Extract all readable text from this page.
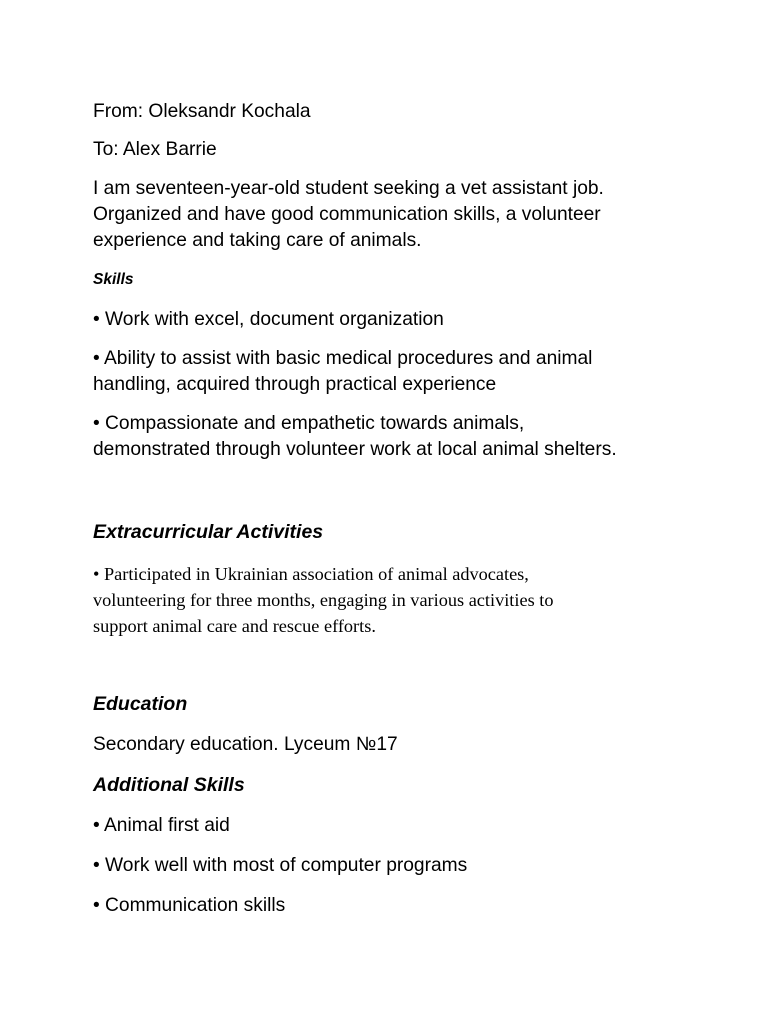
From: Oleksandr Kochala

To: Alex Barrie

I am seventeen-year-old student seeking a vet assistant job.
Organized and have good communication skills, a volunteer
experience and taking care of animals.

Skills

• Work with excel, document organization
• Ability to assist with basic medical procedures and animal
handling, acquired through practical experience
• Compassionate and empathetic towards animals,
demonstrated through volunteer work at local animal shelters.

Extracurricular Activities

• Participated in Ukrainian association of animal advocates,
volunteering for three months, engaging in various activities to
support animal care and rescue efforts.

Education

Secondary education. Lyceum №17

Additional Skills

• Animal first aid

• Work well with most of computer programs

• Communication skills
